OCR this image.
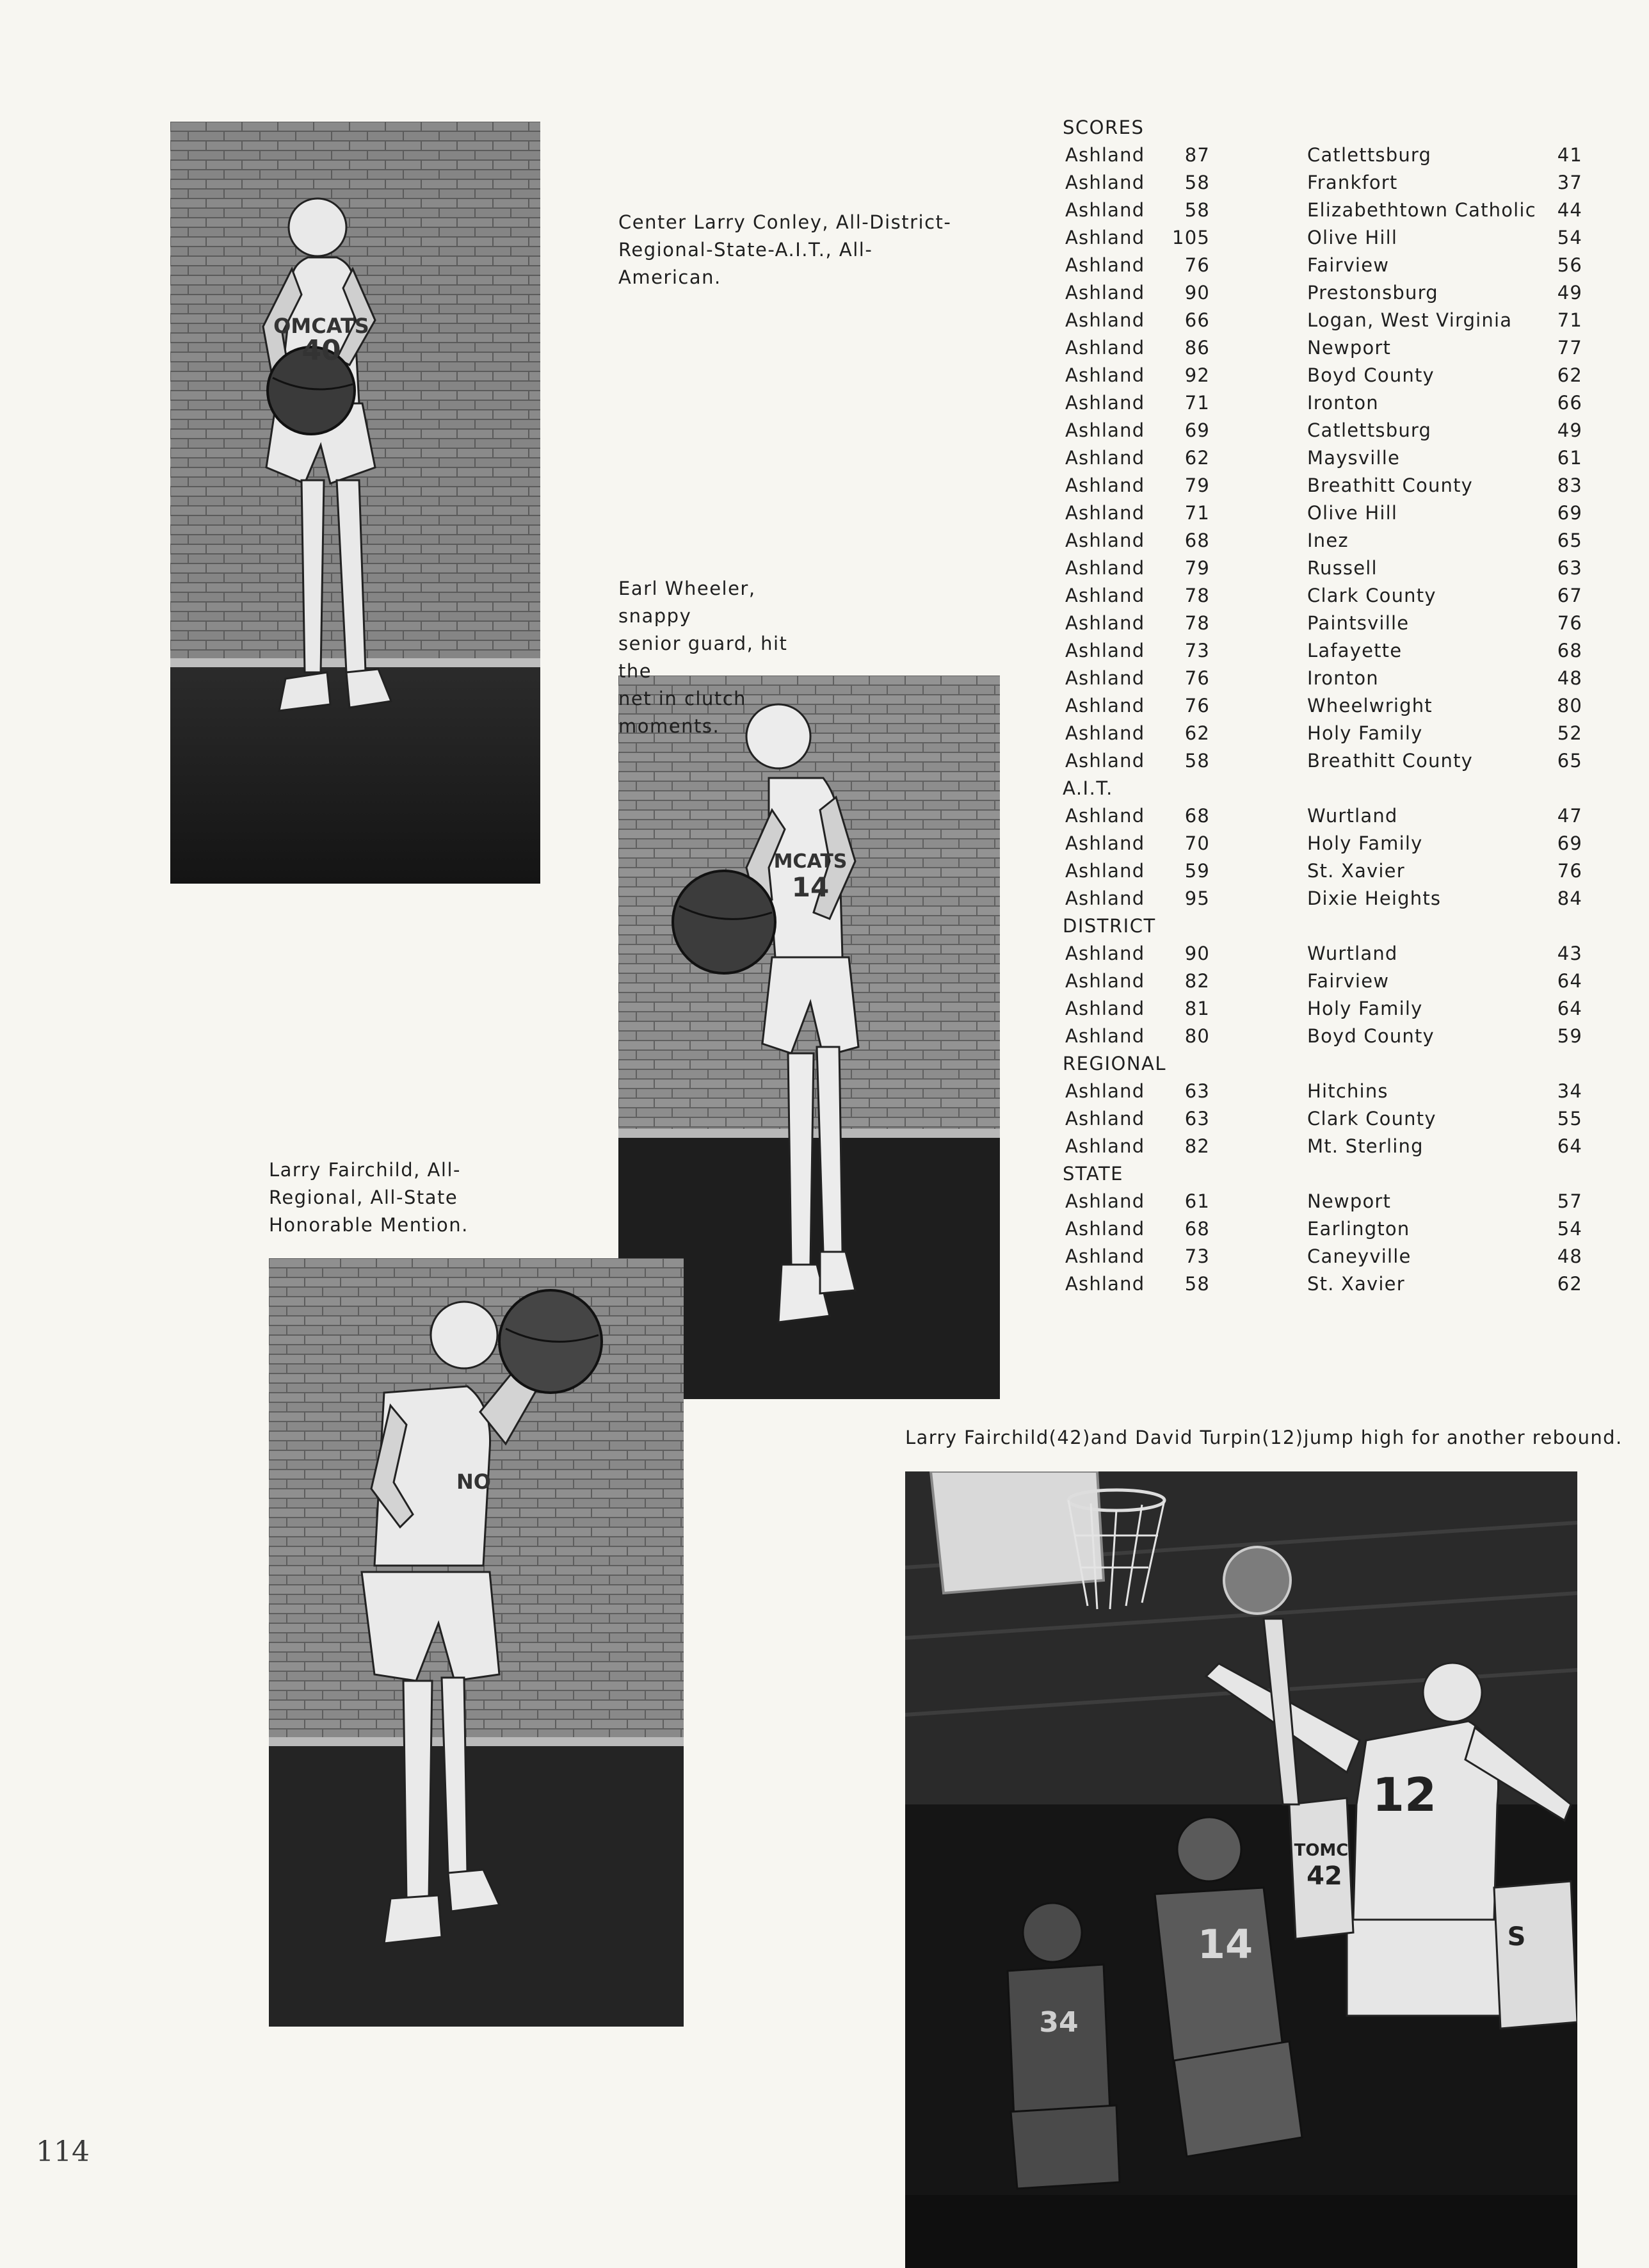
OMCATS
40
MCATS
14
NO
12
TOMC
42
14
34
S
Center Larry Conley, All-District-
Regional-State-A.I.T., All-American.
Earl Wheeler, snappy
senior guard, hit the
net in clutch moments.
Larry Fairchild, All-
Regional, All-State
Honorable Mention.
Larry Fairchild(42)and David Turpin(12)jump high for another rebound.
SCORES
Ashland	87	Catlettsburg	41
Ashland	58	Frankfort	37
Ashland	58	Elizabethtown Catholic	44
Ashland 105	Olive Hill	54
Ashland	76	Fairview	56
Ashland	90	Prestonsburg	49
Ashland	66	Logan, West Virginia	71
Ashland	86	Newport	77
Ashland	92	Boyd County	62
Ashland	71	Ironton	66
Ashland	69	Catlettsburg	49
Ashland	62	Maysville	61
Ashland	79	Breathitt County	83
Ashland	71	Olive Hill	69
Ashland	68	Inez	65
Ashland	79	Russell	63
Ashland	78	Clark County	67
Ashland	78	Paintsville	76
Ashland	73	Lafayette	68
Ashland	76	Ironton	48
Ashland	76	Wheelwright	80
Ashland	62	Holy Family	52
Ashland	58	Breathitt County	65
A.I.T.
Ashland	68	Wurtland	47
Ashland	70	Holy Family	69
Ashland	59	St. Xavier	76
Ashland	95	Dixie Heights	84
DISTRICT
Ashland	90	Wurtland	43
Ashland	82	Fairview	64
Ashland	81	Holy Family	64
Ashland	80	Boyd County	59
REGIONAL
Ashland	63	Hitchins	34
Ashland	63	Clark County	55
Ashland	82	Mt. Sterling	64
STATE
Ashland	61	Newport	57
Ashland	68	Earlington	54
Ashland	73	Caneyville	48
Ashland	58	St. Xavier	62
114
